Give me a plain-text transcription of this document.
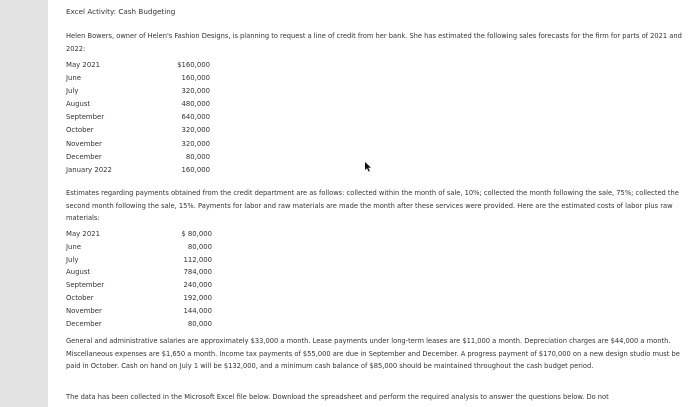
Excel Activity: Cash Budgeting
Helen Bowers, owner of Helen's Fashion Designs, is planning to request a line of credit from her bank. She has estimated the following sales forecasts for the firm for parts of 2021 and 2022:
May 2021	$160,000
June	160,000
July	320,000
August	480,000
September	640,000
October	320,000
November	320,000
December	80,000
January 2022	160,000
Estimates regarding payments obtained from the credit department are as follows: collected within the month of sale, 10%; collected the month following the sale, 75%; collected the second month following the sale, 15%. Payments for labor and raw materials are made the month after these services were provided. Here are the estimated costs of labor plus raw materials:
May 2021	$ 80,000
June	80,000
July	112,000
August	784,000
September	240,000
October	192,000
November	144,000
December	80,000
General and administrative salaries are approximately $33,000 a month. Lease payments under long-term leases are $11,000 a month. Depreciation charges are $44,000 a month. Miscellaneous expenses are $1,650 a month. Income tax payments of $55,000 are due in September and December. A progress payment of $170,000 on a new design studio must be paid in October. Cash on hand on July 1 will be $132,000, and a minimum cash balance of $85,000 should be maintained throughout the cash budget period.
The data has been collected in the Microsoft Excel file below. Download the spreadsheet and perform the required analysis to answer the questions below. Do not
